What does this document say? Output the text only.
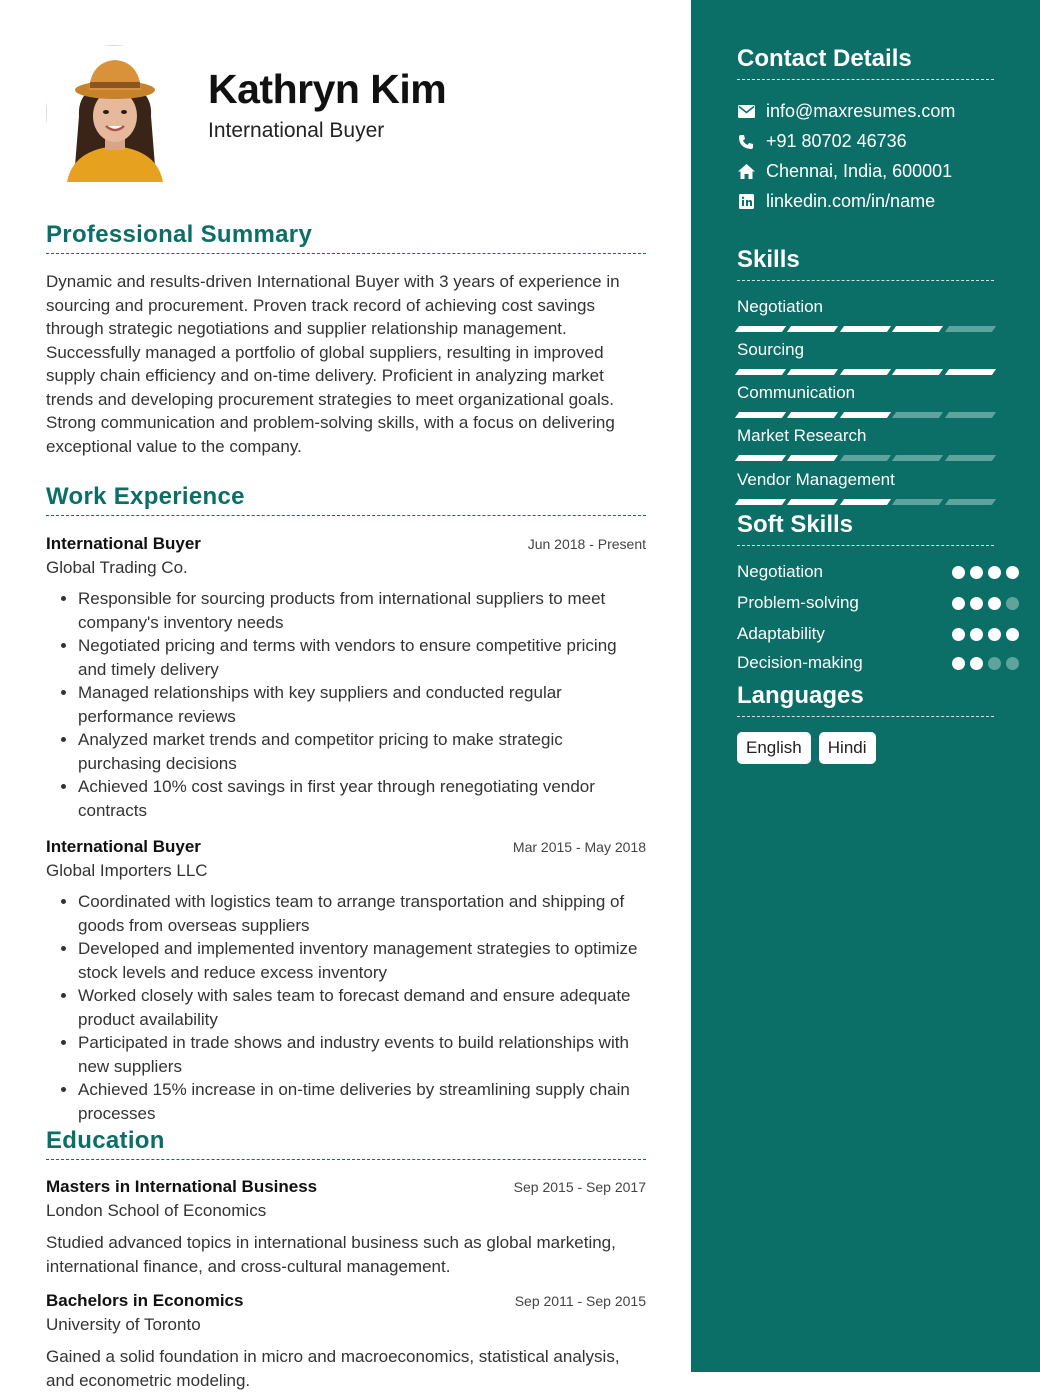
Kathryn Kim
International Buyer
Professional Summary
Dynamic and results-driven International Buyer with 3 years of experience in sourcing and procurement. Proven track record of achieving cost savings through strategic negotiations and supplier relationship management. Successfully managed a portfolio of global suppliers, resulting in improved supply chain efficiency and on-time delivery. Proficient in analyzing market trends and developing procurement strategies to meet organizational goals. Strong communication and problem-solving skills, with a focus on delivering exceptional value to the company.
Work Experience
International Buyer	Jun 2018 - Present
Global Trading Co.
• Responsible for sourcing products from international suppliers to meet company's inventory needs
• Negotiated pricing and terms with vendors to ensure competitive pricing and timely delivery
• Managed relationships with key suppliers and conducted regular performance reviews
• Analyzed market trends and competitor pricing to make strategic purchasing decisions
• Achieved 10% cost savings in first year through renegotiating vendor contracts
International Buyer	Mar 2015 - May 2018
Global Importers LLC
• Coordinated with logistics team to arrange transportation and shipping of goods from overseas suppliers
• Developed and implemented inventory management strategies to optimize stock levels and reduce excess inventory
• Worked closely with sales team to forecast demand and ensure adequate product availability
• Participated in trade shows and industry events to build relationships with new suppliers
• Achieved 15% increase in on-time deliveries by streamlining supply chain processes
Education
Masters in International Business	Sep 2015 - Sep 2017
London School of Economics
Studied advanced topics in international business such as global marketing, international finance, and cross-cultural management.
Bachelors in Economics	Sep 2011 - Sep 2015
University of Toronto
Gained a solid foundation in micro and macroeconomics, statistical analysis, and econometric modeling.
Contact Details
info@maxresumes.com
+91 80702 46736
Chennai, India, 600001
linkedin.com/in/name
Skills
Negotiation
Sourcing
Communication
Market Research
Vendor Management
Soft Skills
Negotiation
Problem-solving
Adaptability
Decision-making
Languages
English	Hindi
